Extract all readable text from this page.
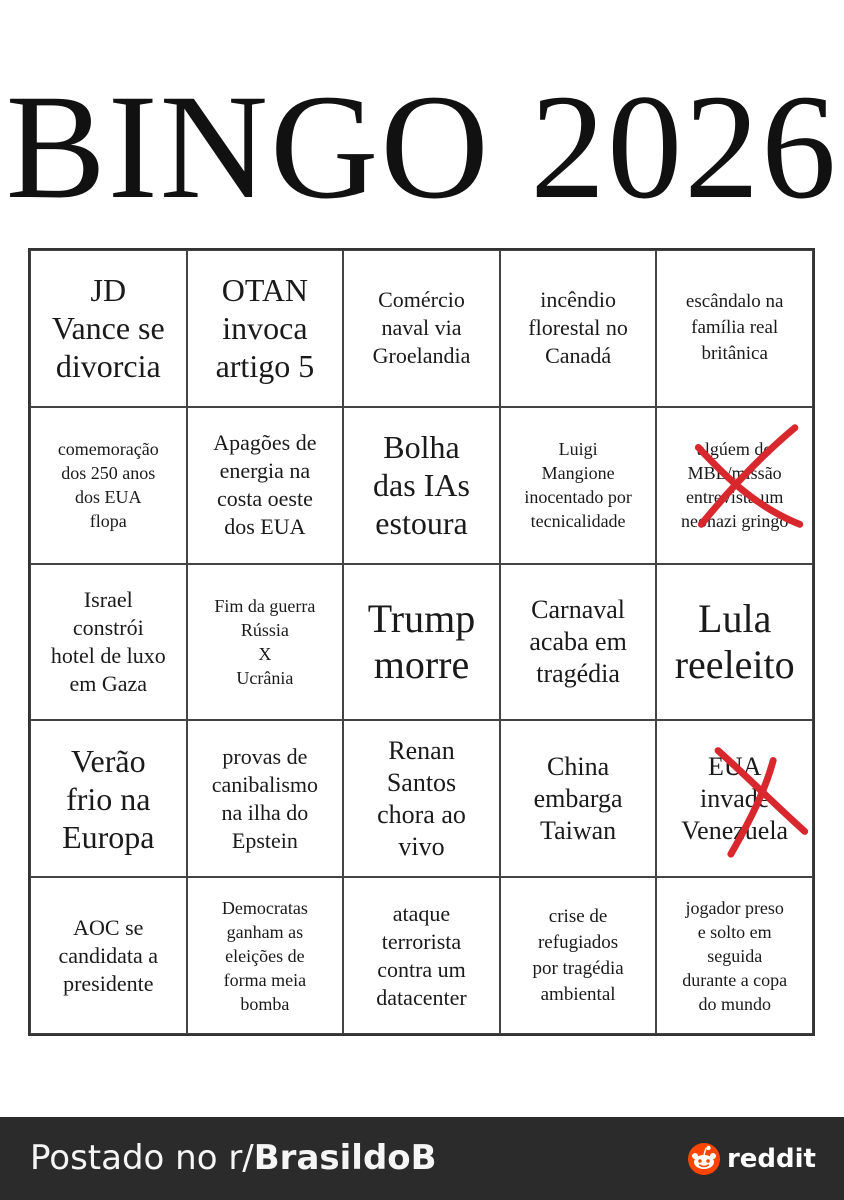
BINGO 2026
JD
Vance se
divorcia
OTAN
invoca
artigo 5
Comércio
naval via
Groelandia
incêndio
florestal no
Canadá
escândalo na
família real
britânica
comemoração
dos 250 anos
dos EUA
flopa
Apagões de
energia na
costa oeste
dos EUA
Bolha
das IAs
estoura
Luigi
Mangione
inocentado por
tecnicalidade
algúem do
MBL/missão
entrevista um
neonazi gringo
Israel
constrói
hotel de luxo
em Gaza
Fim da guerra
Rússia
X
Ucrânia
Trump
morre
Carnaval
acaba em
tragédia
Lula
reeleito
Verão
frio na
Europa
provas de
canibalismo
na ilha do
Epstein
Renan
Santos
chora ao
vivo
China
embarga
Taiwan
EUA
invade
Venezuela
AOC se
candidata a
presidente
Democratas
ganham as
eleições de
forma meia
bomba
ataque
terrorista
contra um
datacenter
crise de
refugiados
por tragédia
ambiental
jogador preso
e solto em
seguida
durante a copa
do mundo
Postado no r/BrasildoB	reddit
